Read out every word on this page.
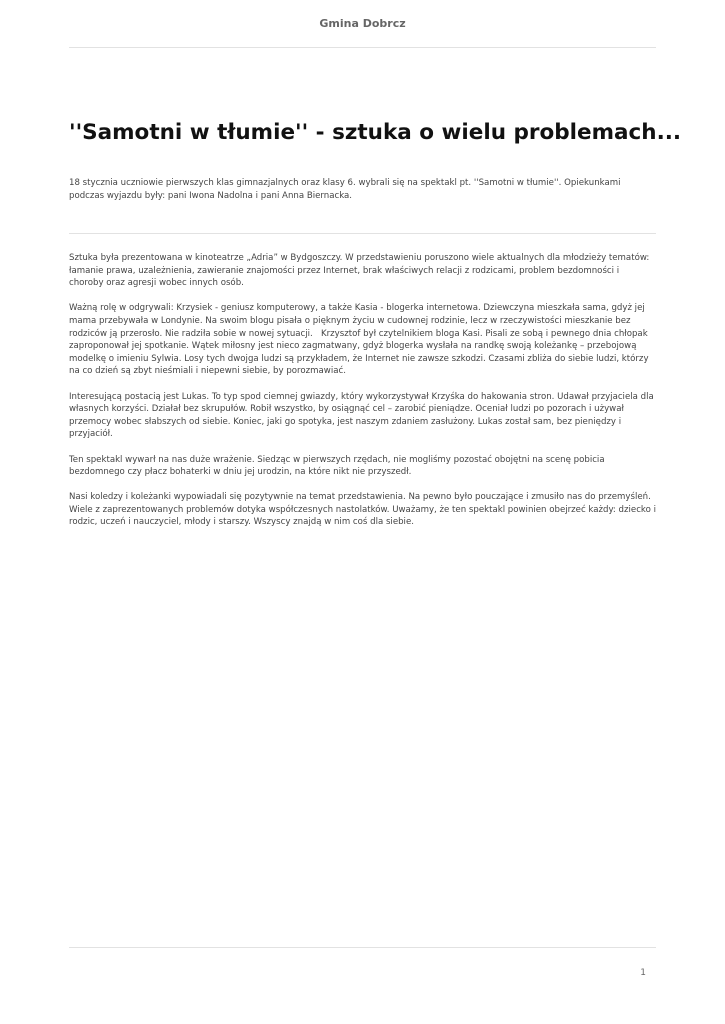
Gmina Dobrcz
''Samotni w tłumie'' - sztuka o wielu problemach...

18 stycznia uczniowie pierwszych klas gimnazjalnych oraz klasy 6. wybrali się na spektakl pt. ''Samotni w tłumie''. Opiekunkami podczas wyjazdu były: pani Iwona Nadolna i pani Anna Biernacka.

Sztuka była prezentowana w kinoteatrze „Adria” w Bydgoszczy. W przedstawieniu poruszono wiele aktualnych dla młodzieży tematów: łamanie prawa, uzależnienia, zawieranie znajomości przez Internet, brak właściwych relacji z rodzicami, problem bezdomności i choroby oraz agresji wobec innych osób.

Ważną rolę w odgrywali: Krzysiek - geniusz komputerowy, a także Kasia - blogerka internetowa. Dziewczyna mieszkała sama, gdyż jej mama przebywała w Londynie. Na swoim blogu pisała o pięknym życiu w cudownej rodzinie, lecz w rzeczywistości mieszkanie bez rodziców ją przerosło. Nie radziła sobie w nowej sytuacji.   Krzysztof był czytelnikiem bloga Kasi. Pisali ze sobą i pewnego dnia chłopak zaproponował jej spotkanie. Wątek miłosny jest nieco zagmatwany, gdyż blogerka wysłała na randkę swoją koleżankę – przebojową modelkę o imieniu Sylwia. Losy tych dwojga ludzi są przykładem, że Internet nie zawsze szkodzi. Czasami zbliża do siebie ludzi, którzy na co dzień są zbyt nieśmiali i niepewni siebie, by porozmawiać.

Interesującą postacią jest Lukas. To typ spod ciemnej gwiazdy, który wykorzystywał Krzyśka do hakowania stron. Udawał przyjaciela dla własnych korzyści. Działał bez skrupułów. Robił wszystko, by osiągnąć cel – zarobić pieniądze. Oceniał ludzi po pozorach i używał przemocy wobec słabszych od siebie. Koniec, jaki go spotyka, jest naszym zdaniem zasłużony. Lukas został sam, bez pieniędzy i przyjaciół.

Ten spektakl wywarł na nas duże wrażenie. Siedząc w pierwszych rzędach, nie mogliśmy pozostać obojętni na scenę pobicia bezdomnego czy płacz bohaterki w dniu jej urodzin, na które nikt nie przyszedł.

Nasi koledzy i koleżanki wypowiadali się pozytywnie na temat przedstawienia. Na pewno było pouczające i zmusiło nas do przemyśleń. Wiele z zaprezentowanych problemów dotyka współczesnych nastolatków. Uważamy, że ten spektakl powinien obejrzeć każdy: dziecko i rodzic, uczeń i nauczyciel, młody i starszy. Wszyscy znajdą w nim coś dla siebie.

1
